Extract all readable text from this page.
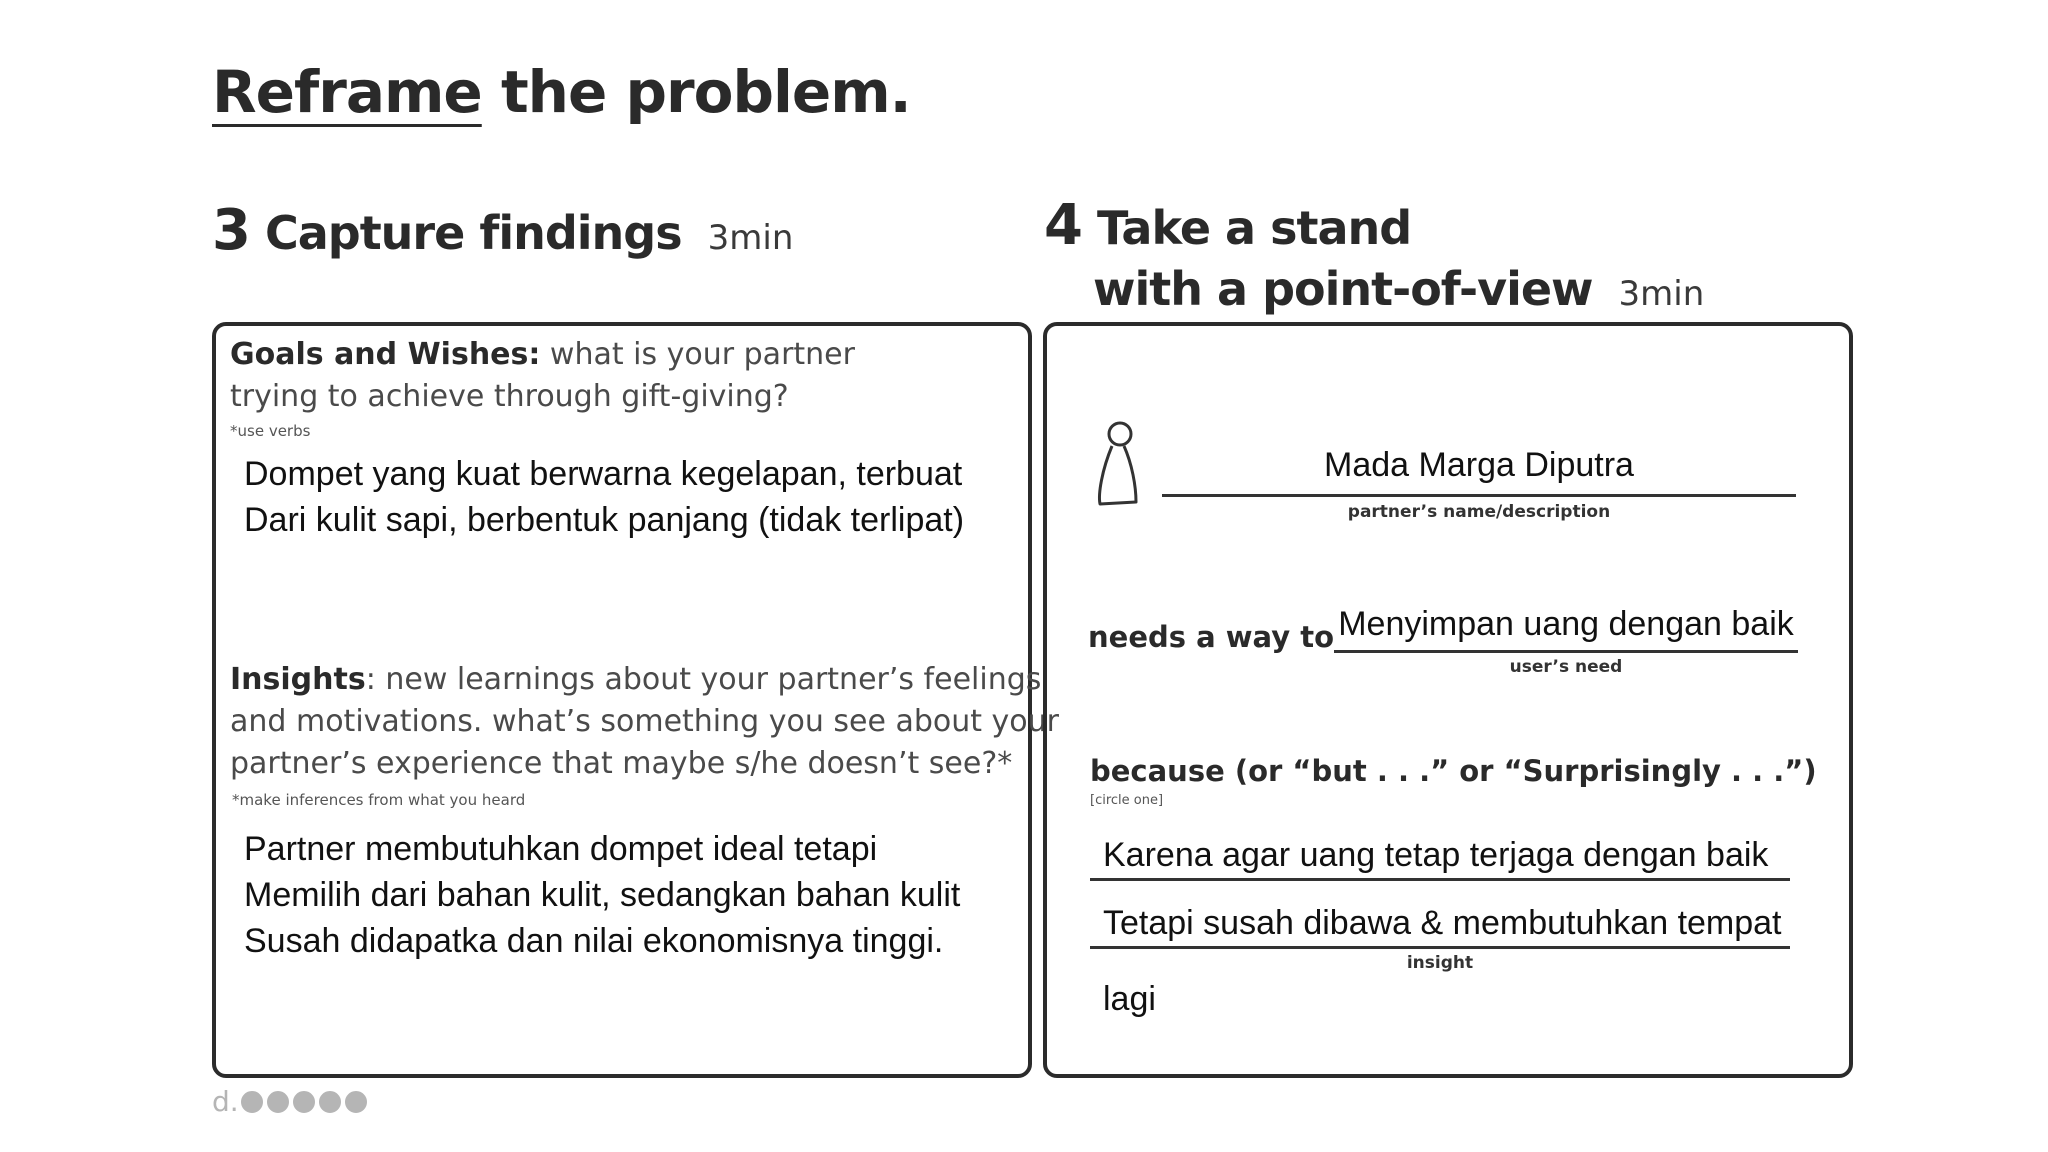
Reframe the problem.
3 Capture findings 3min	4 Take a stand
with a point-of-view 3min
Goals and Wishes: what is your partner
trying to achieve through gift-giving?
*use verbs
Dompet yang kuat berwarna kegelapan, terbuat
Dari kulit sapi, berbentuk panjang (tidak terlipat)
Insights: new learnings about your partner’s feelings
and motivations. what’s something you see about your
partner’s experience that maybe s/he doesn’t see?*
*make inferences from what you heard
Partner membutuhkan dompet ideal tetapi
Memilih dari bahan kulit, sedangkan bahan kulit
Susah didapatka dan nilai ekonomisnya tinggi.
Mada Marga Diputra
partner’s name/description
needs a way to Menyimpan uang dengan baik
user’s need
because (or “but . . .” or “Surprisingly . . .”)
[circle one]
Karena agar uang tetap terjaga dengan baik
Tetapi susah dibawa & membutuhkan tempat
insight
lagi
d.
